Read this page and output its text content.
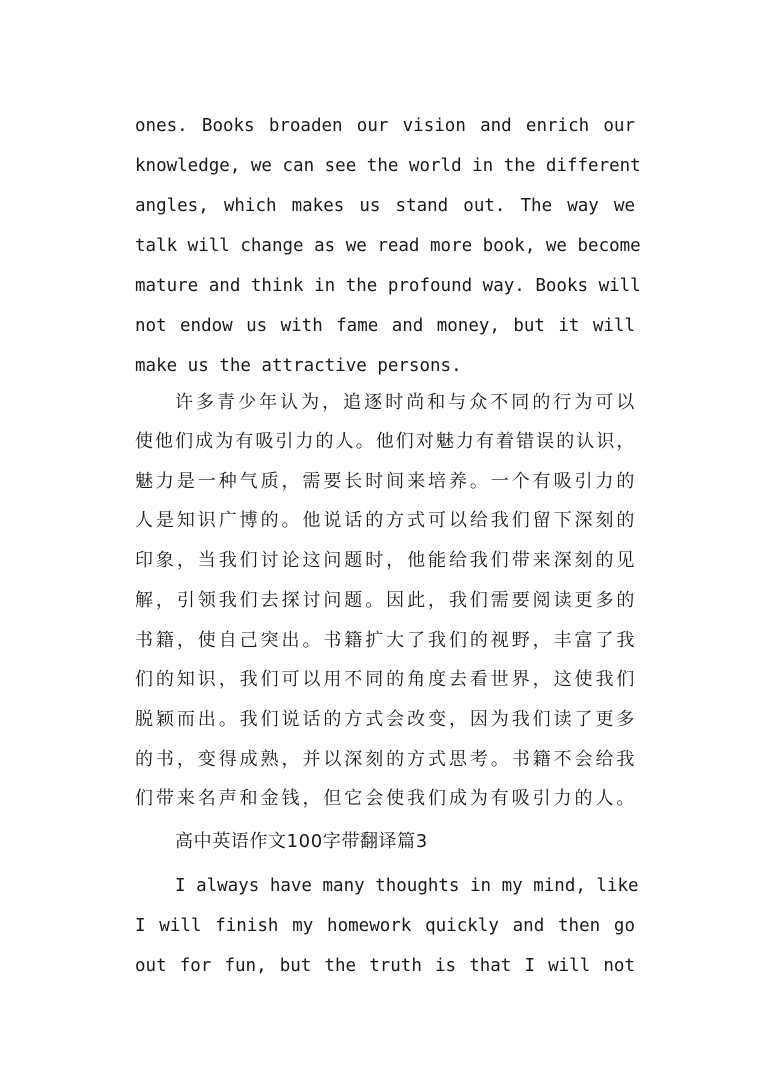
ones. Books broaden our vision and enrich our
knowledge, we can see the world in the different
angles, which makes us stand out. The way we
talk will change as we read more book, we become
mature and think in the profound way. Books will
not endow us with fame and money, but it will
make us the attractive persons.
许多青少年认为，追逐时尚和与众不同的行为可以
使他们成为有吸引力的人。他们对魅力有着错误的认识，
魅力是一种气质，需要长时间来培养。一个有吸引力的
人是知识广博的。他说话的方式可以给我们留下深刻的
印象，当我们讨论这问题时，他能给我们带来深刻的见
解，引领我们去探讨问题。因此，我们需要阅读更多的
书籍，使自己突出。书籍扩大了我们的视野，丰富了我
们的知识，我们可以用不同的角度去看世界，这使我们
脱颖而出。我们说话的方式会改变，因为我们读了更多
的书，变得成熟，并以深刻的方式思考。书籍不会给我
们带来名声和金钱，但它会使我们成为有吸引力的人。
高中英语作文100字带翻译篇3
I always have many thoughts in my mind, like
I will finish my homework quickly and then go
out for fun, but the truth is that I will not
